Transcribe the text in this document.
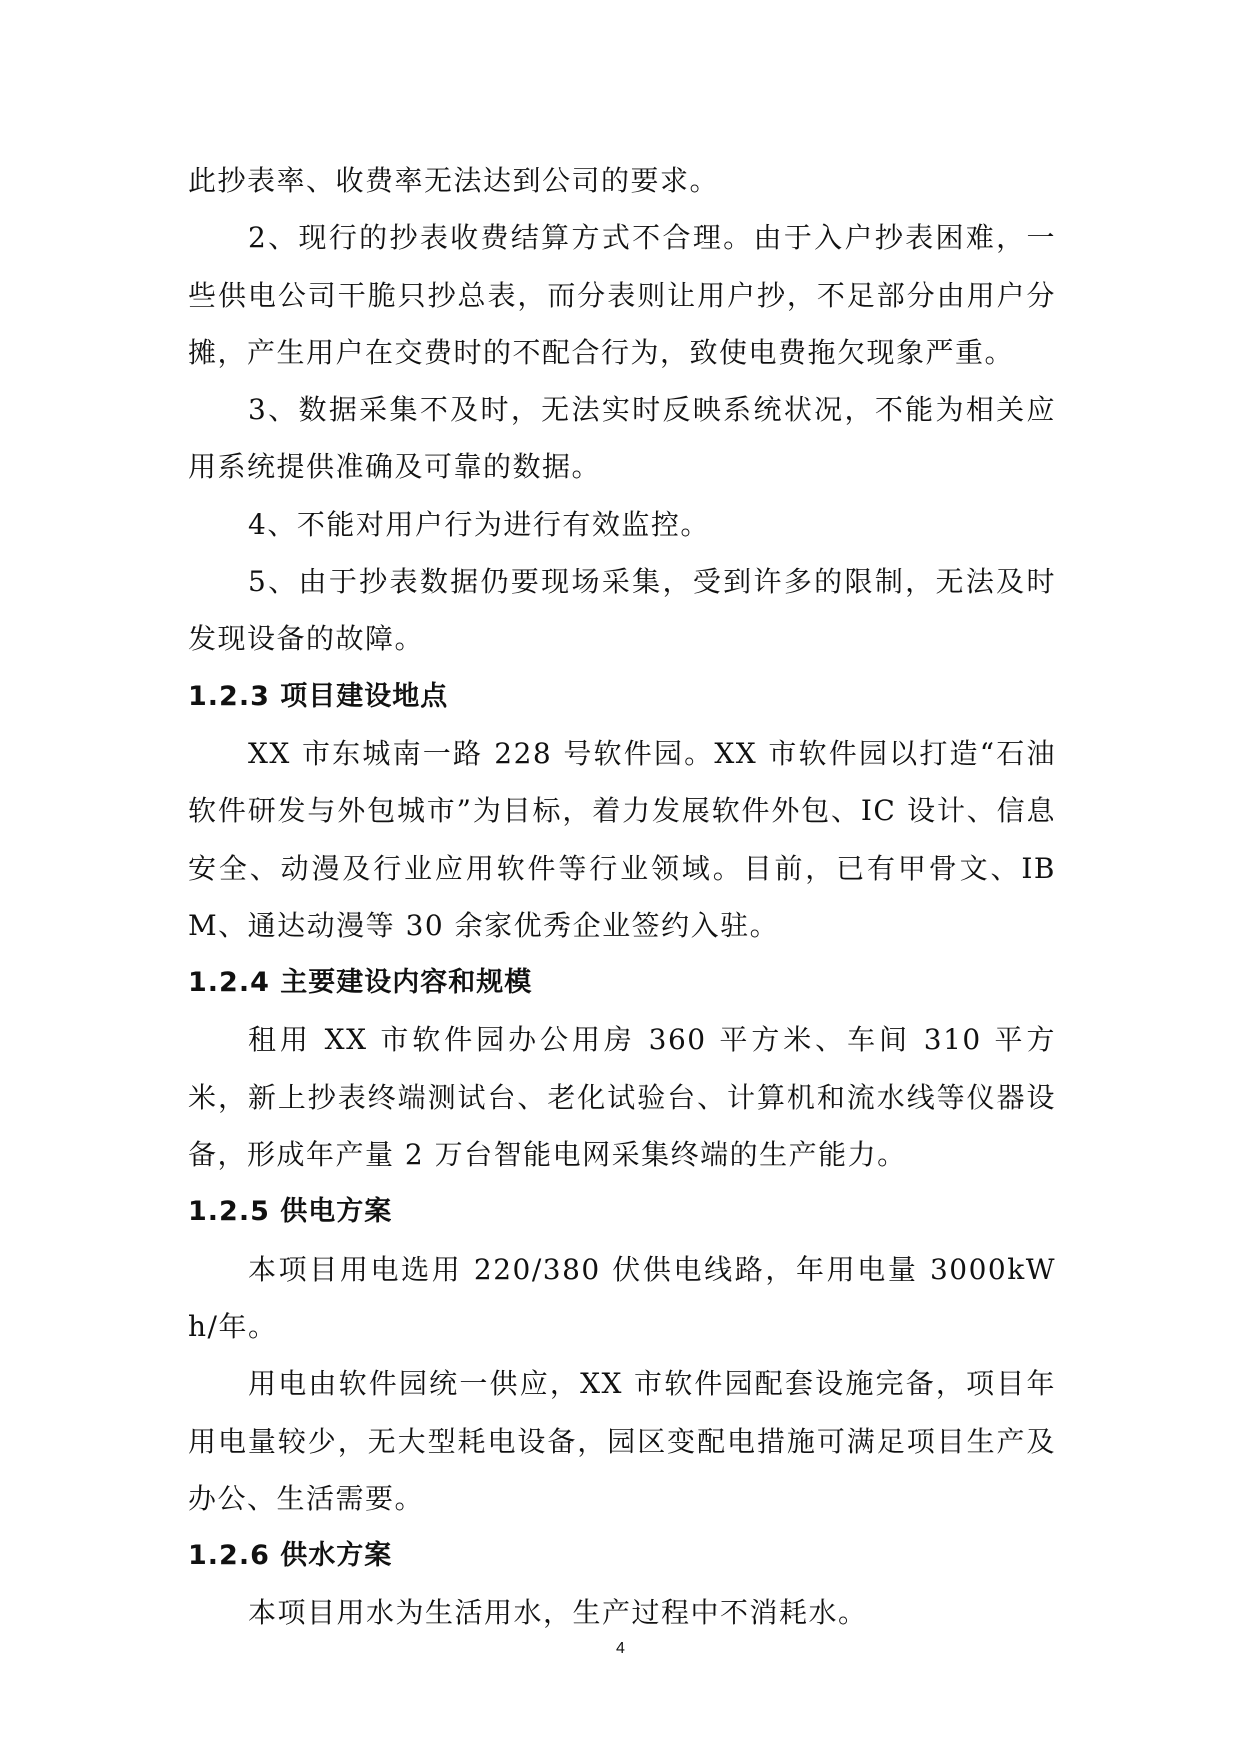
此抄表率、收费率无法达到公司的要求。

2、现行的抄表收费结算方式不合理。由于入户抄表困难，一些供电公司干脆只抄总表，而分表则让用户抄，不足部分由用户分摊，产生用户在交费时的不配合行为，致使电费拖欠现象严重。

3、数据采集不及时，无法实时反映系统状况，不能为相关应用系统提供准确及可靠的数据。

4、不能对用户行为进行有效监控。

5、由于抄表数据仍要现场采集，受到许多的限制，无法及时发现设备的故障。

1.2.3 项目建设地点

XX 市东城南一路 228 号软件园。XX 市软件园以打造“石油软件研发与外包城市”为目标，着力发展软件外包、IC 设计、信息安全、动漫及行业应用软件等行业领域。目前，已有甲骨文、IBM、通达动漫等 30 余家优秀企业签约入驻。

1.2.4 主要建设内容和规模

租用 XX 市软件园办公用房 360 平方米、车间 310 平方米，新上抄表终端测试台、老化试验台、计算机和流水线等仪器设备，形成年产量 2 万台智能电网采集终端的生产能力。

1.2.5 供电方案

本项目用电选用 220/380 伏供电线路，年用电量 3000kWh/年。

用电由软件园统一供应，XX 市软件园配套设施完备，项目年用电量较少，无大型耗电设备，园区变配电措施可满足项目生产及办公、生活需要。

1.2.6 供水方案

本项目用水为生活用水，生产过程中不消耗水。

4
